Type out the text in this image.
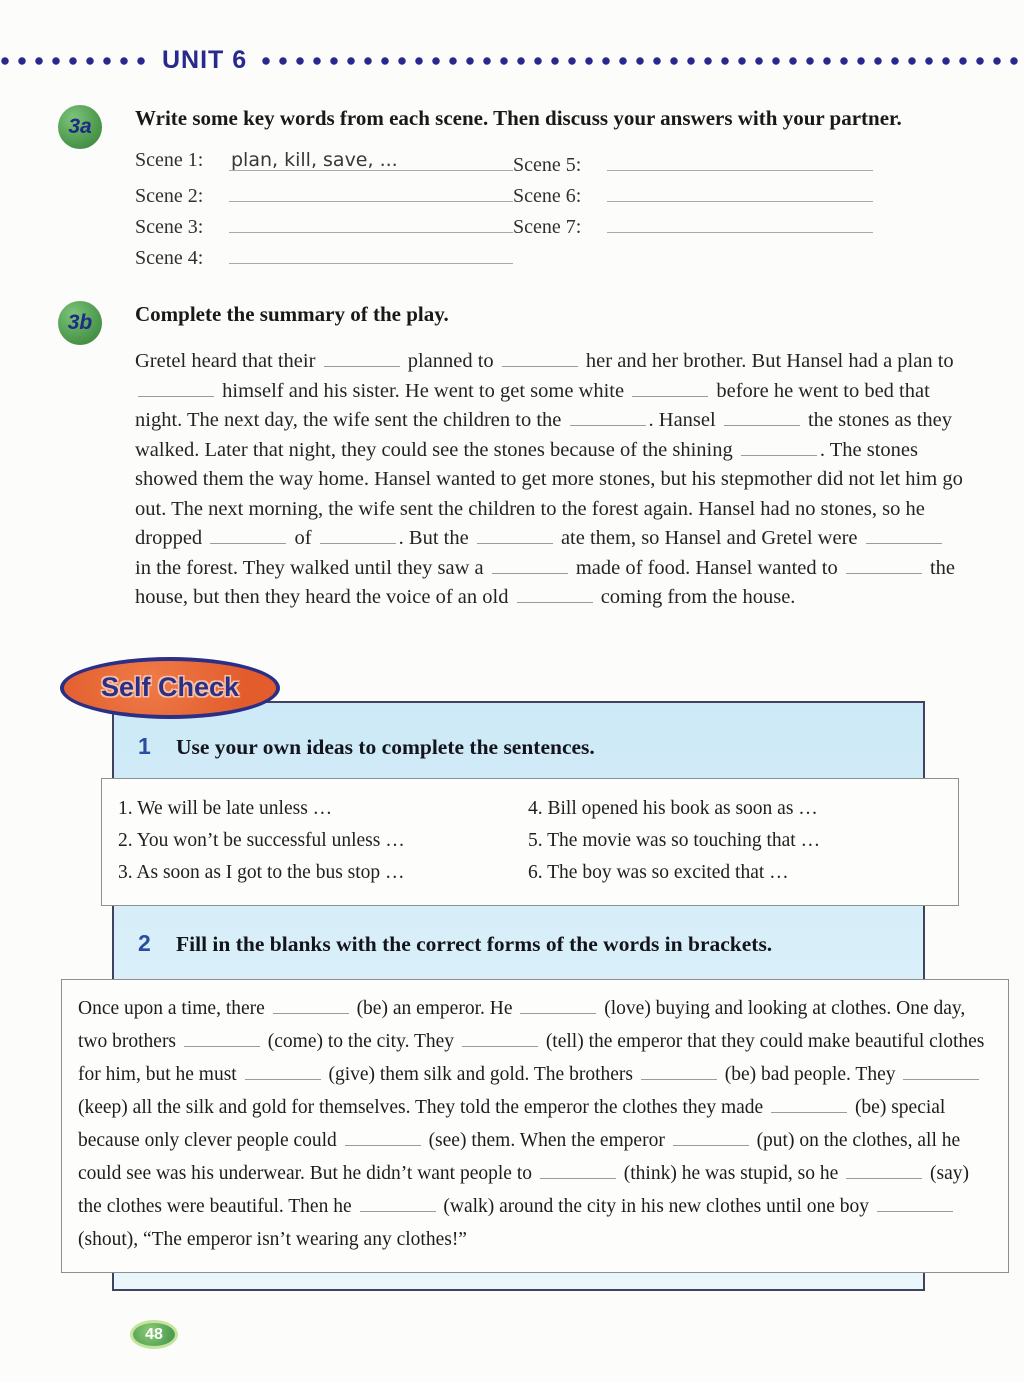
UNIT 6
3a	Write some key words from each scene. Then discuss your answers with your partner.

Scene 1:	plan, kill, save, ...
Scene 2:
Scene 3:
Scene 4:
Scene 5:
Scene 6:
Scene 7:
3b	Complete the summary of the play.

Gretel heard that their	planned to	her and her brother. But Hansel had a plan to  himself and his sister. He went to get some white	before he went to bed that night. The next day, the wife sent the children to the	. Hansel	the stones as they walked. Later that night, they could see the stones because of the shining	. The stones showed them the way home. Hansel wanted to get more stones, but his stepmother did not let him go out. The next morning, the wife sent the children to the forest again. Hansel had no stones, so he dropped	of	. But the	ate them, so Hansel and Gretel were  in the forest. They walked until they saw a	made of food. Hansel wanted to	the house, but then they heard the voice of an old	coming from the house.

Self Check
1	Use your own ideas to complete the sentences.

1. We will be late unless …

2. You won’t be successful unless …

3. As soon as I got to the bus stop …

4. Bill opened his book as soon as …

5. The movie was so touching that …

6. The boy was so excited that …

2	Fill in the blanks with the correct forms of the words in brackets.

Once upon a time, there	(be) an emperor. He	(love) buying and looking at clothes. One day, two brothers	(come) to the city. They	(tell) the emperor that they could make beautiful clothes for him, but he must	(give) them silk and gold. The brothers	(be) bad people. They  (keep) all the silk and gold for themselves. They told the emperor the clothes they made	(be) special because only clever people could	(see) them. When the emperor	(put) on the clothes, all he could see was his underwear. But he didn’t want people to	(think) he was stupid, so he	(say) the clothes were beautiful. Then he	(walk) around the city in his new clothes until one boy  (shout), “The emperor isn’t wearing any clothes!”

48
